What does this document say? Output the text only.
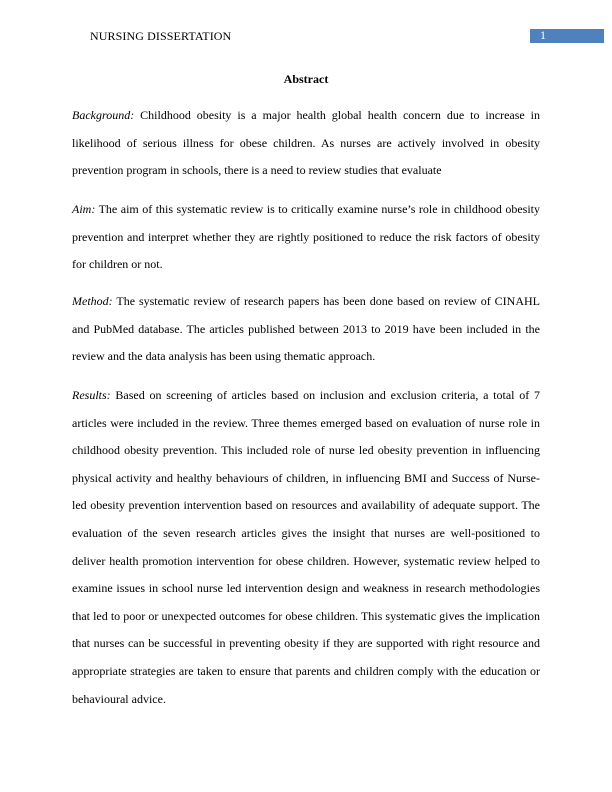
NURSING DISSERTATION	1
Abstract

Background: Childhood obesity is a major health global health concern due to increase in likelihood of serious illness for obese children. As nurses are actively involved in obesity prevention program in schools, there is a need to review studies that evaluate

Aim: The aim of this systematic review is to critically examine nurse’s role in childhood obesity prevention and interpret whether they are rightly positioned to reduce the risk factors of obesity for children or not.

Method: The systematic review of research papers has been done based on review of CINAHL and PubMed database. The articles published between 2013 to 2019 have been included in the review and the data analysis has been using thematic approach.

Results: Based on screening of articles based on inclusion and exclusion criteria, a total of 7 articles were included in the review. Three themes emerged based on evaluation of nurse role in childhood obesity prevention. This included role of nurse led obesity prevention in influencing physical activity and healthy behaviours of children, in influencing BMI and Success of Nurse-led obesity prevention intervention based on resources and availability of adequate support. The evaluation of the seven research articles gives the insight that nurses are well-positioned to deliver health promotion intervention for obese children. However, systematic review helped to examine issues in school nurse led intervention design and weakness in research methodologies that led to poor or unexpected outcomes for obese children. This systematic gives the implication that nurses can be successful in preventing obesity if they are supported with right resource and appropriate strategies are taken to ensure that parents and children comply with the education or behavioural advice.
